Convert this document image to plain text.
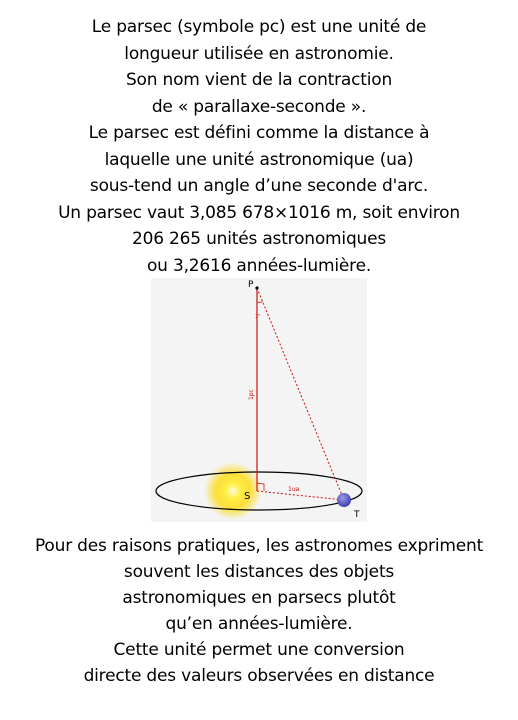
Le parsec (symbole pc) est une unité de
longueur utilisée en astronomie.
Son nom vient de la contraction
de « parallaxe-seconde ».
Le parsec est défini comme la distance à
laquelle une unité astronomique (ua)
sous-tend un angle d’une seconde d'arc.
Un parsec vaut 3,085 678×1016 m, soit environ
206 265 unités astronomiques
ou 3,2616 années-lumière.
P
S
T
1"
1ua
1pc
Pour des raisons pratiques, les astronomes expriment
souvent les distances des objets
astronomiques en parsecs plutôt
qu’en années-lumière.
Cette unité permet une conversion
directe des valeurs observées en distance
